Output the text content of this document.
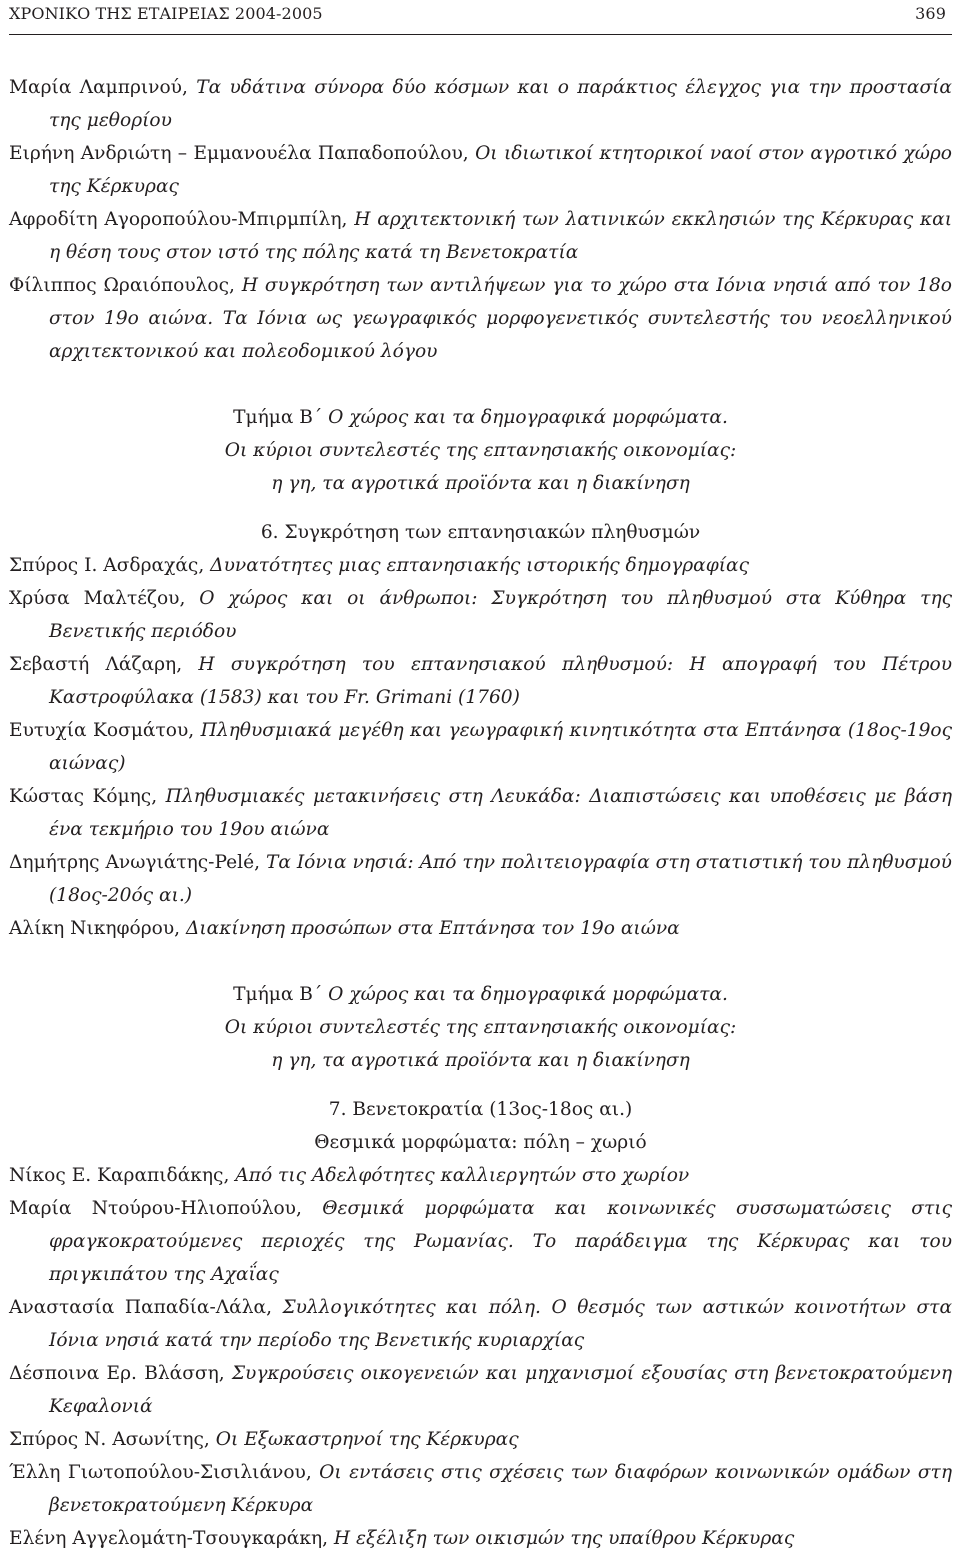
ΧΡΟΝΙΚΟ ΤΗΣ ΕΤΑΙΡΕΙΑΣ 2004-2005	369

Μαρία Λαμπρινού, Τα υδάτινα σύνορα δύο κόσμων και ο παράκτιος έλεγχος για την προστασία της μεθορίου

Ειρήνη Ανδριώτη – Εμμανουέλα Παπαδοπούλου, Οι ιδιωτικοί κτητορικοί ναοί στον αγροτικό χώρο της Κέρκυρας

Αφροδίτη Αγοροπούλου-Μπιρμπίλη, Η αρχιτεκτονική των λατινικών εκκλησιών της Κέρκυρας και η θέση τους στον ιστό της πόλης κατά τη Βενετοκρατία

Φίλιππος Ωραιόπουλος, Η συγκρότηση των αντιλήψεων για το χώρο στα Ιόνια νησιά από τον 18ο στον 19ο αιώνα. Τα Ιόνια ως γεωγραφικός μορφογενετικός συντελεστής του νεοελληνικού αρχιτεκτονικού και πολεοδομικού λόγου

Τμήμα Β΄ Ο χώρος και τα δημογραφικά μορφώματα.
Οι κύριοι συντελεστές της επτανησιακής οικονομίας:
η γη, τα αγροτικά προϊόντα και η διακίνηση
6. Συγκρότηση των επτανησιακών πληθυσμών

Σπύρος Ι. Ασδραχάς, Δυνατότητες μιας επτανησιακής ιστορικής δημογραφίας

Χρύσα Μαλτέζου, Ο χώρος και οι άνθρωποι: Συγκρότηση του πληθυσμού στα Κύθηρα της Βενετικής περιόδου

Σεβαστή Λάζαρη, Η συγκρότηση του επτανησιακού πληθυσμού: Η απογραφή του Πέτρου Καστροφύλακα (1583) και του Fr. Grimani (1760)

Ευτυχία Κοσμάτου, Πληθυσμιακά μεγέθη και γεωγραφική κινητικότητα στα Επτάνησα (18ος-19ος αιώνας)

Κώστας Κόμης, Πληθυσμιακές μετακινήσεις στη Λευκάδα: Διαπιστώσεις και υποθέσεις με βάση ένα τεκμήριο του 19ου αιώνα

Δημήτρης Ανωγιάτης-Pelé, Τα Ιόνια νησιά: Από την πολιτειογραφία στη στατιστική του πληθυσμού (18ος-20ός αι.)

Αλίκη Νικηφόρου, Διακίνηση προσώπων στα Επτάνησα τον 19ο αιώνα

Τμήμα Β΄ Ο χώρος και τα δημογραφικά μορφώματα.
Οι κύριοι συντελεστές της επτανησιακής οικονομίας:
η γη, τα αγροτικά προϊόντα και η διακίνηση
7. Βενετοκρατία (13ος-18ος αι.)
Θεσμικά μορφώματα: πόλη – χωριό

Νίκος Ε. Καραπιδάκης, Από τις Αδελφότητες καλλιεργητών στο χωρίον

Μαρία Ντούρου-Ηλιοπούλου, Θεσμικά μορφώματα και κοινωνικές συσσωματώσεις στις φραγκοκρατούμενες περιοχές της Ρωμανίας. Το παράδειγμα της Κέρκυρας και του πριγκιπάτου της Αχαΐας

Αναστασία Παπαδία-Λάλα, Συλλογικότητες και πόλη. Ο θεσμός των αστικών κοινοτήτων στα Ιόνια νησιά κατά την περίοδο της Βενετικής κυριαρχίας

Δέσποινα Ερ. Βλάσση, Συγκρούσεις οικογενειών και μηχανισμοί εξουσίας στη βενετοκρατούμενη Κεφαλονιά

Σπύρος Ν. Ασωνίτης, Οι Εξωκαστρηνοί της Κέρκυρας

Έλλη Γιωτοπούλου-Σισιλιάνου, Οι εντάσεις στις σχέσεις των διαφόρων κοινωνικών ομάδων στη βενετοκρατούμενη Κέρκυρα

Ελένη Αγγελομάτη-Τσουγκαράκη, Η εξέλιξη των οικισμών της υπαίθρου Κέρκυρας
